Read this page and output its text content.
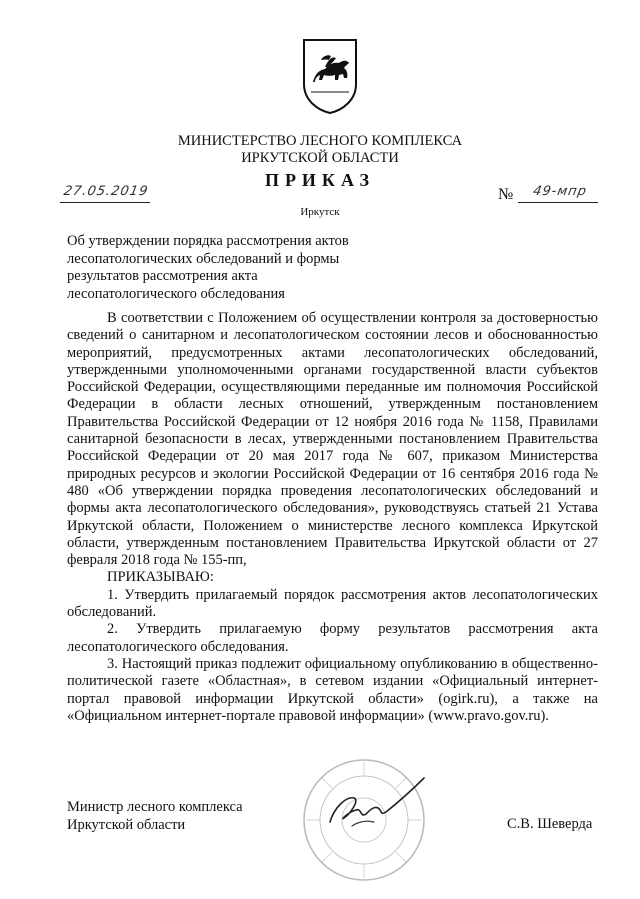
МИНИСТЕРСТВО ЛЕСНОГО КОМПЛЕКСА
ИРКУТСКОЙ ОБЛАСТИ
ПРИКАЗ
27.05.2019	№	49-мпр
Иркутск
Об утверждении порядка рассмотрения актов
лесопатологических обследований и формы
результатов рассмотрения акта
лесопатологического обследования

В соответствии с Положением об осуществлении контроля за достоверностью сведений о санитарном и лесопатологическом состоянии лесов и обоснованностью мероприятий, предусмотренных актами лесопатологических обследований, утвержденными уполномоченными органами государственной власти субъектов Российской Федерации, осуществляющими переданные им полномочия Российской Федерации в области лесных отношений, утвержденным постановлением Правительства Российской Федерации от 12 ноября 2016 года № 1158, Правилами санитарной безопасности в лесах, утвержденными постановлением Правительства Российской Федерации от 20 мая 2017 года № 607, приказом Министерства природных ресурсов и экологии Российской Федерации от 16 сентября 2016 года № 480 «Об утверждении порядка проведения лесопатологических обследований и формы акта лесопатологического обследования», руководствуясь статьей 21 Устава Иркутской области, Положением о министерстве лесного комплекса Иркутской области, утвержденным постановлением Правительства Иркутской области от 27 февраля 2018 года № 155-пп,

ПРИКАЗЫВАЮ:

1. Утвердить прилагаемый порядок рассмотрения актов лесопатологических обследований.

2. Утвердить прилагаемую форму результатов рассмотрения акта лесопатологического обследования.

3. Настоящий приказ подлежит официальному опубликованию в общественно-политической газете «Областная», в сетевом издании «Официальный интернет-портал правовой информации Иркутской области» (ogirk.ru), а также на «Официальном интернет-портале правовой информации» (www.pravo.gov.ru).

Министр лесного комплекса
Иркутской области	С.В. Шеверда
